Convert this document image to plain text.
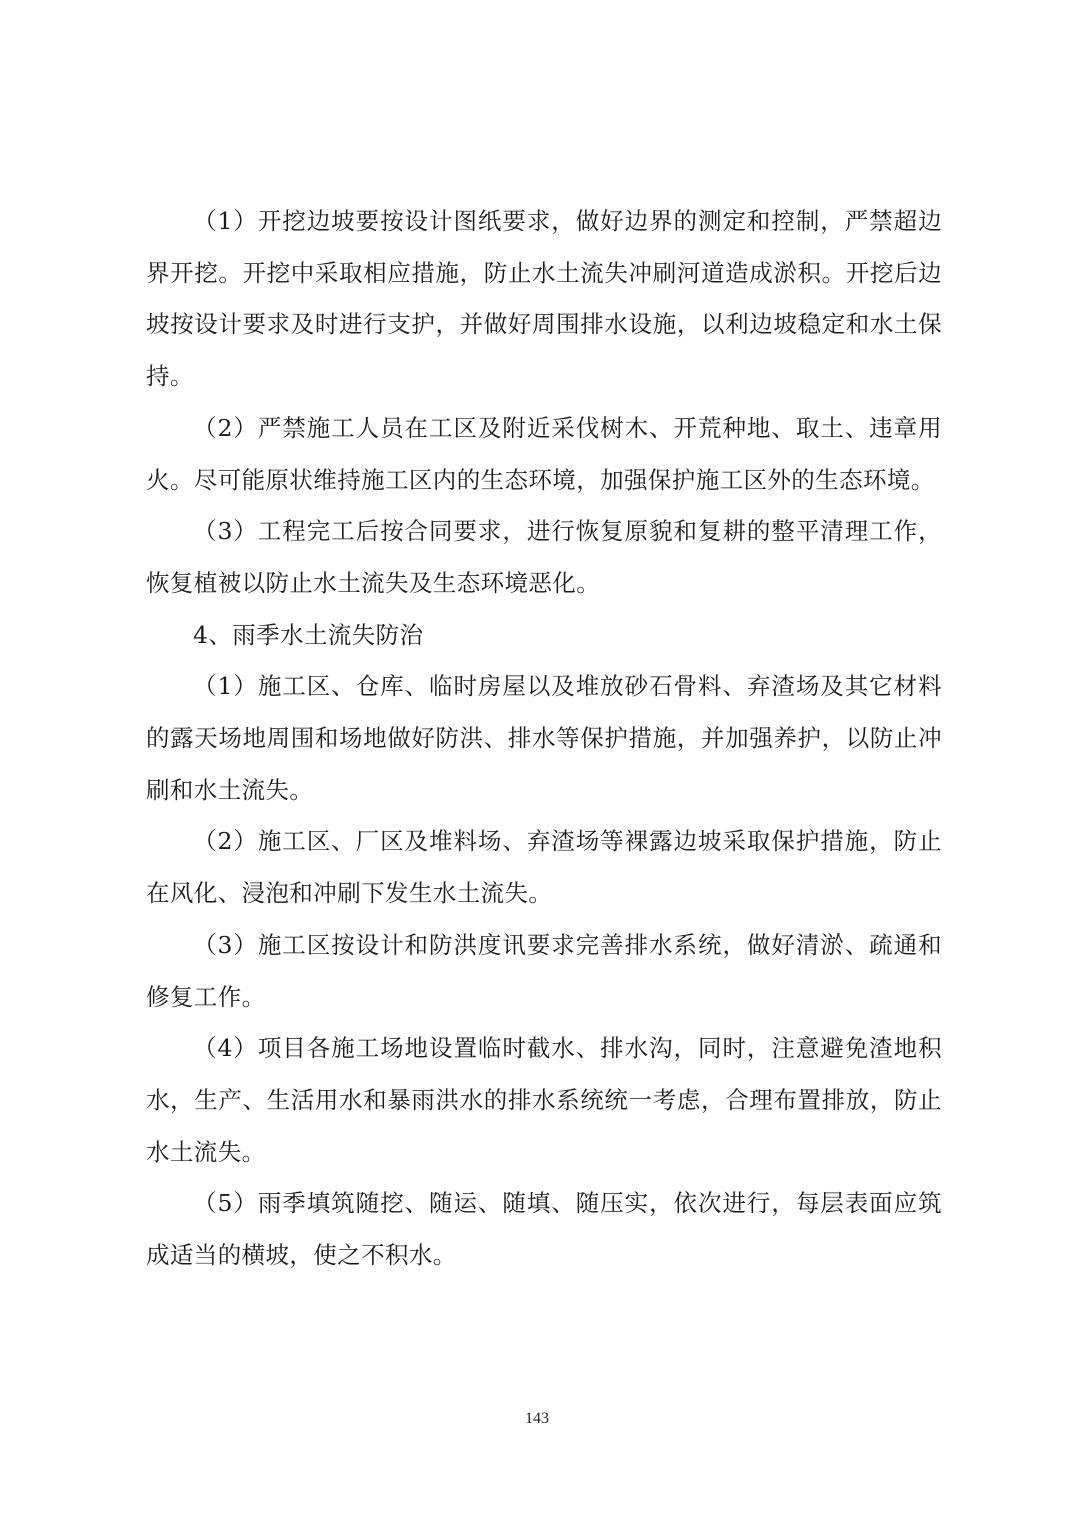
（1）开挖边坡要按设计图纸要求，做好边界的测定和控制，严禁超边界开挖。开挖中采取相应措施，防止水土流失冲刷河道造成淤积。开挖后边坡按设计要求及时进行支护，并做好周围排水设施，以利边坡稳定和水土保持。

（2）严禁施工人员在工区及附近采伐树木、开荒种地、取土、违章用火。尽可能原状维持施工区内的生态环境，加强保护施工区外的生态环境。

（3）工程完工后按合同要求，进行恢复原貌和复耕的整平清理工作，恢复植被以防止水土流失及生态环境恶化。

4、雨季水土流失防治

（1）施工区、仓库、临时房屋以及堆放砂石骨料、弃渣场及其它材料的露天场地周围和场地做好防洪、排水等保护措施，并加强养护，以防止冲刷和水土流失。

（2）施工区、厂区及堆料场、弃渣场等裸露边坡采取保护措施，防止在风化、浸泡和冲刷下发生水土流失。

（3）施工区按设计和防洪度讯要求完善排水系统，做好清淤、疏通和修复工作。

（4）项目各施工场地设置临时截水、排水沟，同时，注意避免渣地积水，生产、生活用水和暴雨洪水的排水系统统一考虑，合理布置排放，防止水土流失。

（5）雨季填筑随挖、随运、随填、随压实，依次进行，每层表面应筑成适当的横坡，使之不积水。

143
